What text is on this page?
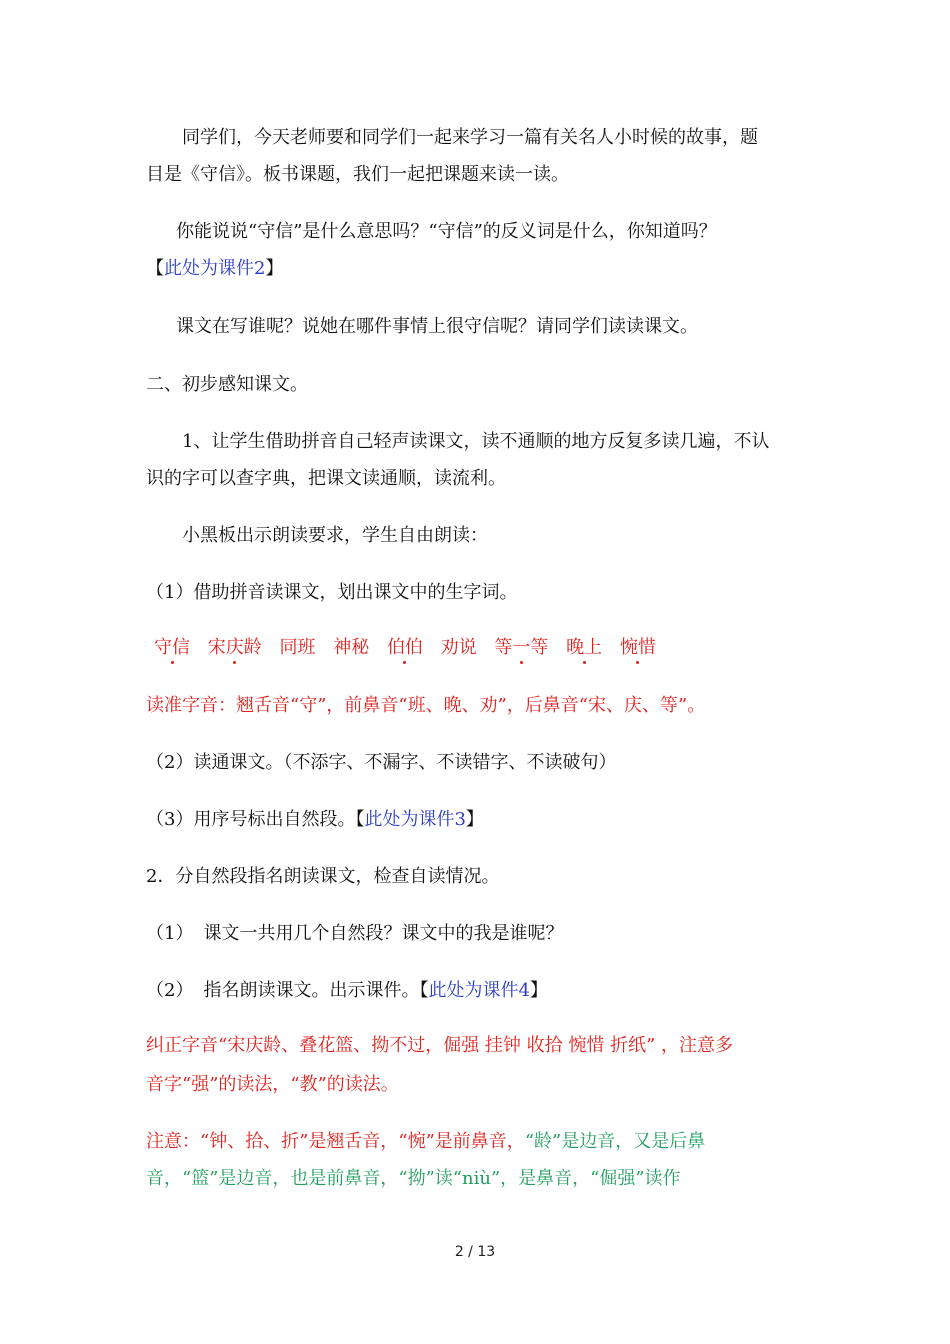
同学们，今天老师要和同学们一起来学习一篇有关名人小时候的故事，题
目是《守信》。板书课题，我们一起把课题来读一读。
你能说说“守信”是什么意思吗？“守信”的反义词是什么，你知道吗？
【此处为课件2】
课文在写谁呢？说她在哪件事情上很守信呢？请同学们读读课文。
二、初步感知课文。
1、让学生借助拼音自己轻声读课文，读不通顺的地方反复多读几遍，不认
识的字可以查字典，把课文读通顺，读流利。
小黑板出示朗读要求，学生自由朗读：
（1）借助拼音读课文，划出课文中的生字词。
守信 宋庆龄 同班 神秘 伯伯 劝说 等一等 晚上 惋惜
读准字音：翘舌音“守”，前鼻音“班、晚、劝”，后鼻音“宋、庆、等”。
（2）读通课文。（不添字、不漏字、不读错字、不读破句）
（3）用序号标出自然段。【此处为课件3】
2．分自然段指名朗读课文，检查自读情况。
（1） 课文一共用几个自然段？课文中的我是谁呢？
（2） 指名朗读课文。出示课件。【此处为课件4】
纠正字音“宋庆龄、叠花篮、拗不过，倔强 挂钟 收拾 惋惜 折纸” ，注意多
音字“强”的读法，“教”的读法。
注意：“钟、拾、折”是翘舌音，“惋”是前鼻音，“龄”是边音，又是后鼻
音，“篮”是边音，也是前鼻音，“拗”读“niù”，是鼻音，“倔强”读作
2 / 13
